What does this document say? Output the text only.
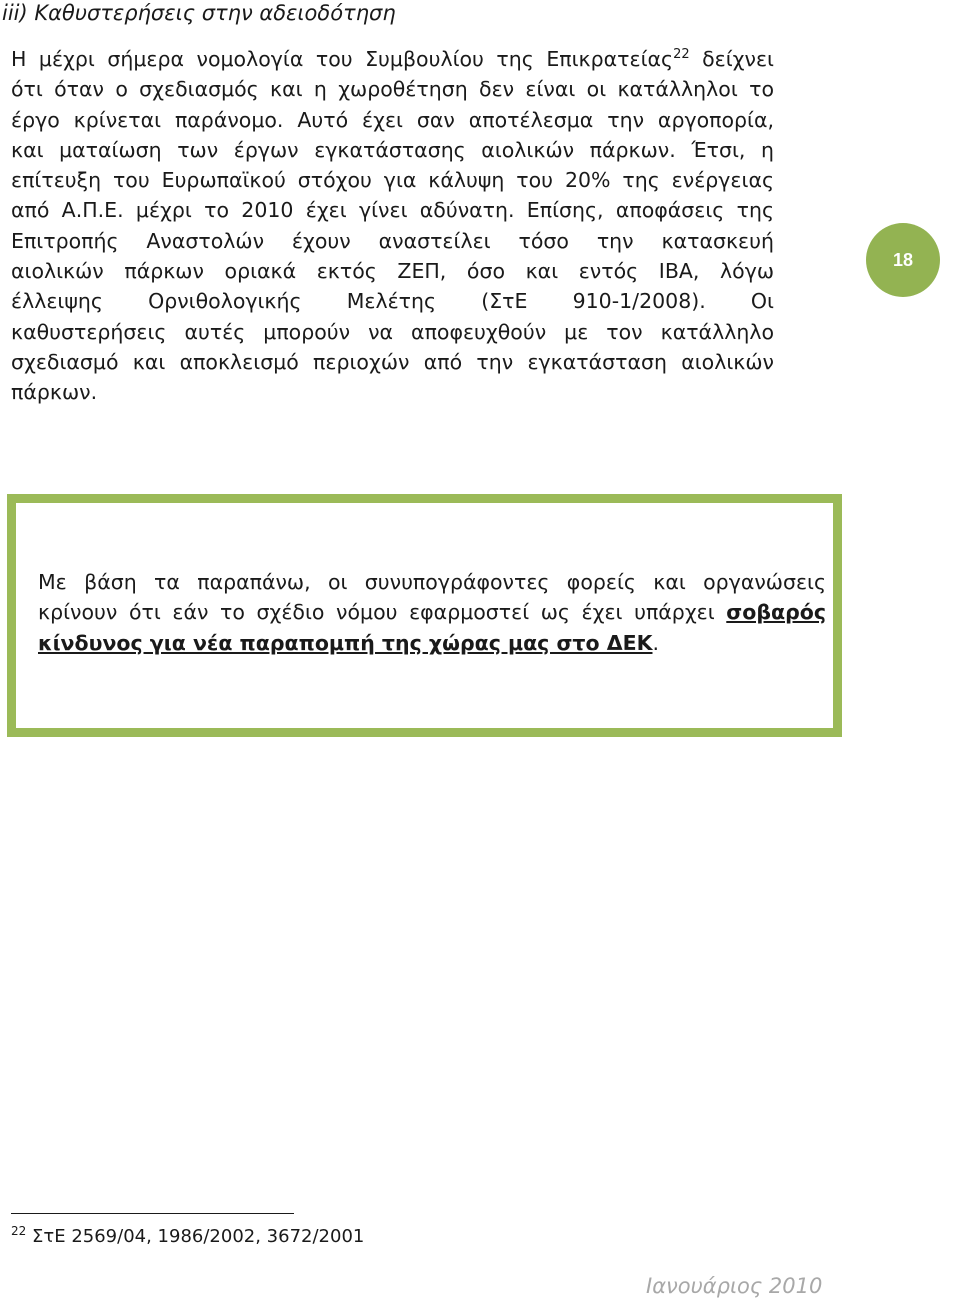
iii) Καθυστερήσεις στην αδειοδότηση
Η μέχρι σήμερα νομολογία του Συμβουλίου της Επικρατείας$^{22}$ δείχνει
ότι όταν ο σχεδιασμός και η χωροθέτηση δεν είναι οι κατάλληλοι το
έργο κρίνεται παράνομο. Αυτό έχει σαν αποτέλεσμα την αργοπορία,
και ματαίωση των έργων εγκατάστασης αιολικών πάρκων. Έτσι, η
επίτευξη του Ευρωπαϊκού στόχου για κάλυψη του 20% της ενέργειας
από Α.Π.Ε. μέχρι το 2010 έχει γίνει αδύνατη. Επίσης, αποφάσεις της
Επιτροπής Αναστολών έχουν αναστείλει τόσο την κατασκευή
αιολικών πάρκων οριακά εκτός ΖΕΠ, όσο και εντός ΙΒΑ, λόγω
έλλειψης Ορνιθολογικής Μελέτης (ΣτΕ 910-1/2008). Οι
καθυστερήσεις αυτές μπορούν να αποφευχθούν με τον κατάλληλο
σχεδιασμό και αποκλεισμό περιοχών από την εγκατάσταση αιολικών
πάρκων.
18
Με βάση τα παραπάνω, οι συνυπογράφοντες φορείς και οργανώσεις
κρίνουν ότι εάν το σχέδιο νόμου εφαρμοστεί ως έχει υπάρχει σοβαρός
κίνδυνος για νέα παραπομπή της χώρας μας στο ΔΕΚ.
$^{22}$ ΣτΕ 2569/04, 1986/2002, 3672/2001
Ιανουάριος 2010
